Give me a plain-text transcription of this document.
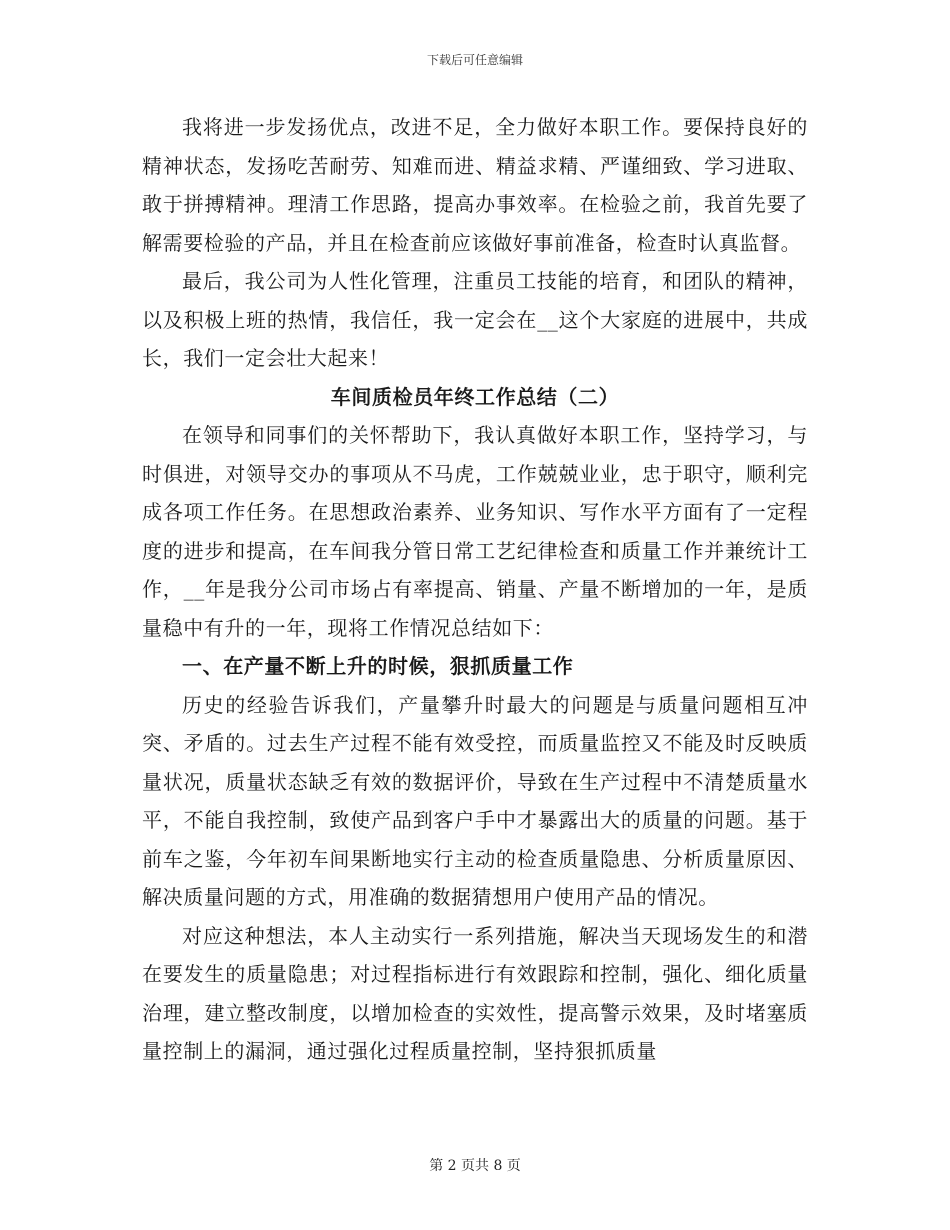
下载后可任意编辑

我将进一步发扬优点，改进不足，全力做好本职工作。要保持良好的精神状态，发扬吃苦耐劳、知难而进、精益求精、严谨细致、学习进取、敢于拼搏精神。理清工作思路，提高办事效率。在检验之前，我首先要了解需要检验的产品，并且在检查前应该做好事前准备，检查时认真监督。

最后，我公司为人性化管理，注重员工技能的培育，和团队的精神，以及积极上班的热情，我信任，我一定会在__这个大家庭的进展中，共成长，我们一定会壮大起来！

车间质检员年终工作总结（二）

在领导和同事们的关怀帮助下，我认真做好本职工作，坚持学习，与时俱进，对领导交办的事项从不马虎，工作兢兢业业，忠于职守，顺利完成各项工作任务。在思想政治素养、业务知识、写作水平方面有了一定程度的进步和提高，在车间我分管日常工艺纪律检查和质量工作并兼统计工作，__年是我分公司市场占有率提高、销量、产量不断增加的一年，是质量稳中有升的一年，现将工作情况总结如下：

一、在产量不断上升的时候，狠抓质量工作

历史的经验告诉我们，产量攀升时最大的问题是与质量问题相互冲突、矛盾的。过去生产过程不能有效受控，而质量监控又不能及时反映质量状况，质量状态缺乏有效的数据评价，导致在生产过程中不清楚质量水平，不能自我控制，致使产品到客户手中才暴露出大的质量的问题。基于前车之鉴，今年初车间果断地实行主动的检查质量隐患、分析质量原因、解决质量问题的方式，用准确的数据猜想用户使用产品的情况。

对应这种想法，本人主动实行一系列措施，解决当天现场发生的和潜在要发生的质量隐患；对过程指标进行有效跟踪和控制，强化、细化质量治理，建立整改制度，以增加检查的实效性，提高警示效果，及时堵塞质量控制上的漏洞，通过强化过程质量控制，坚持狠抓质量

第 2 页共 8 页
